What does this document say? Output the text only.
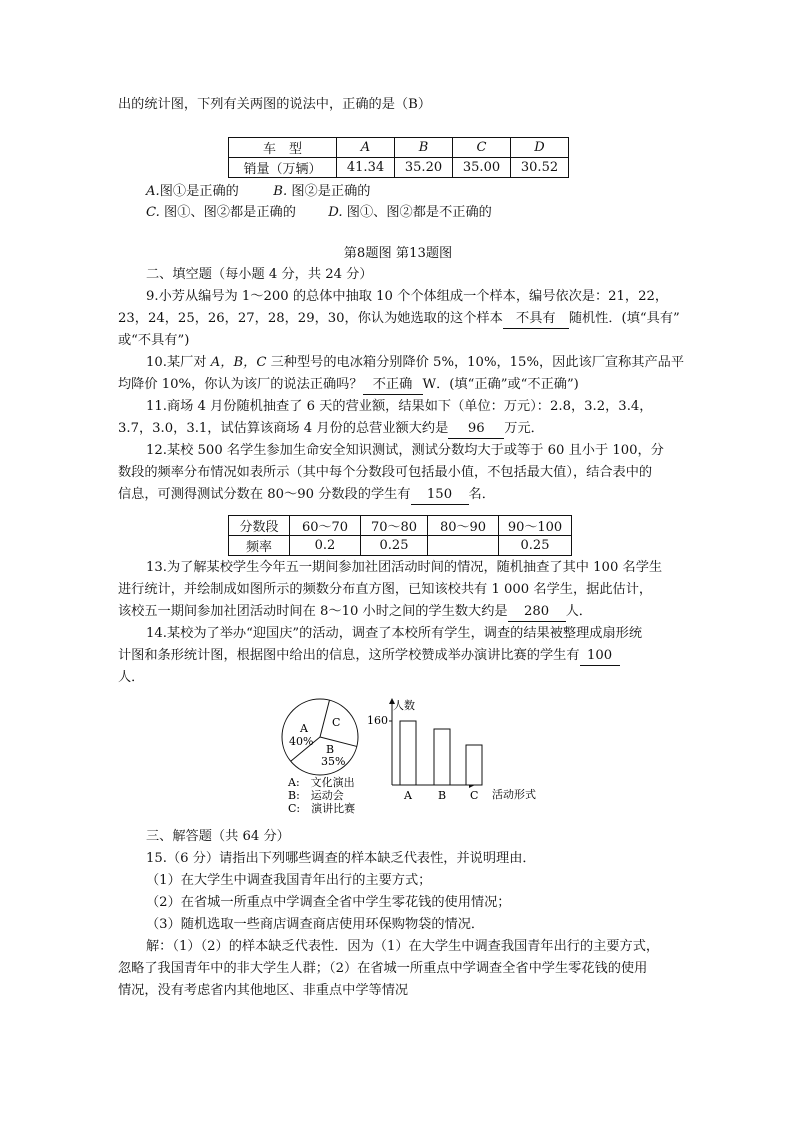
出的统计图，下列有关两图的说法中，正确的是（B）
车　型	A	B	C	D
销量（万辆）	41.34	35.20	35.00	30.52
A.图①是正确的	B. 图②是正确的
C. 图①、图②都是正确的 D. 图①、图②都是不正确的
第8题图 第13题图
二、填空题（每小题 4 分，共 24 分）
9.小芳从编号为 1～200 的总体中抽取 10 个个体组成一个样本，编号依次是：21，22，
23，24，25，26，27，28，29，30，你认为她选取的这个样本 不具有 随机性．(填“具有”
或“不具有”)
10.某厂对 A，B，C 三种型号的电冰箱分别降价 5%，10%，15%，因此该厂宣称其产品平
均降价 10%，你认为该厂的说法正确吗？ 不正确 W．(填“正确”或“不正确”)
11.商场 4 月份随机抽查了 6 天的营业额，结果如下（单位：万元）：2.8，3.2，3.4，
3.7，3.0，3.1，试估算该商场 4 月份的总营业额大约是 96 万元．
12.某校 500 名学生参加生命安全知识测试，测试分数均大于或等于 60 且小于 100，分
数段的频率分布情况如表所示（其中每个分数段可包括最小值，不包括最大值），结合表中的
信息，可测得测试分数在 80～90 分数段的学生有 150 名．
分数段	60～70	70～80	80～90	90～100
频率	0.2	0.25		0.25
13.为了解某校学生今年五一期间参加社团活动时间的情况，随机抽查了其中 100 名学生
进行统计，并绘制成如图所示的频数分布直方图，已知该校共有 1 000 名学生，据此估计，
该校五一期间参加社团活动时间在 8～10 小时之间的学生数大约是 280 人．
14.某校为了举办“迎国庆”的活动，调查了本校所有学生，调查的结果被整理成扇形统
计图和条形统计图，根据图中给出的信息，这所学校赞成举办演讲比赛的学生有 100
人．
A
40%
B
35%
C
A:　文化演出
B:　运动会
C:　演讲比赛
人数
160
A B C 活动形式
三、解答题（共 64 分）
15.（6 分）请指出下列哪些调查的样本缺乏代表性，并说明理由．
（1）在大学生中调查我国青年出行的主要方式；
（2）在省城一所重点中学调查全省中学生零花钱的使用情况；
（3）随机选取一些商店调查商店使用环保购物袋的情况．
解：（1）（2）的样本缺乏代表性．因为（1）在大学生中调查我国青年出行的主要方式，
忽略了我国青年中的非大学生人群；（2）在省城一所重点中学调查全省中学生零花钱的使用
情况，没有考虑省内其他地区、非重点中学等情况
